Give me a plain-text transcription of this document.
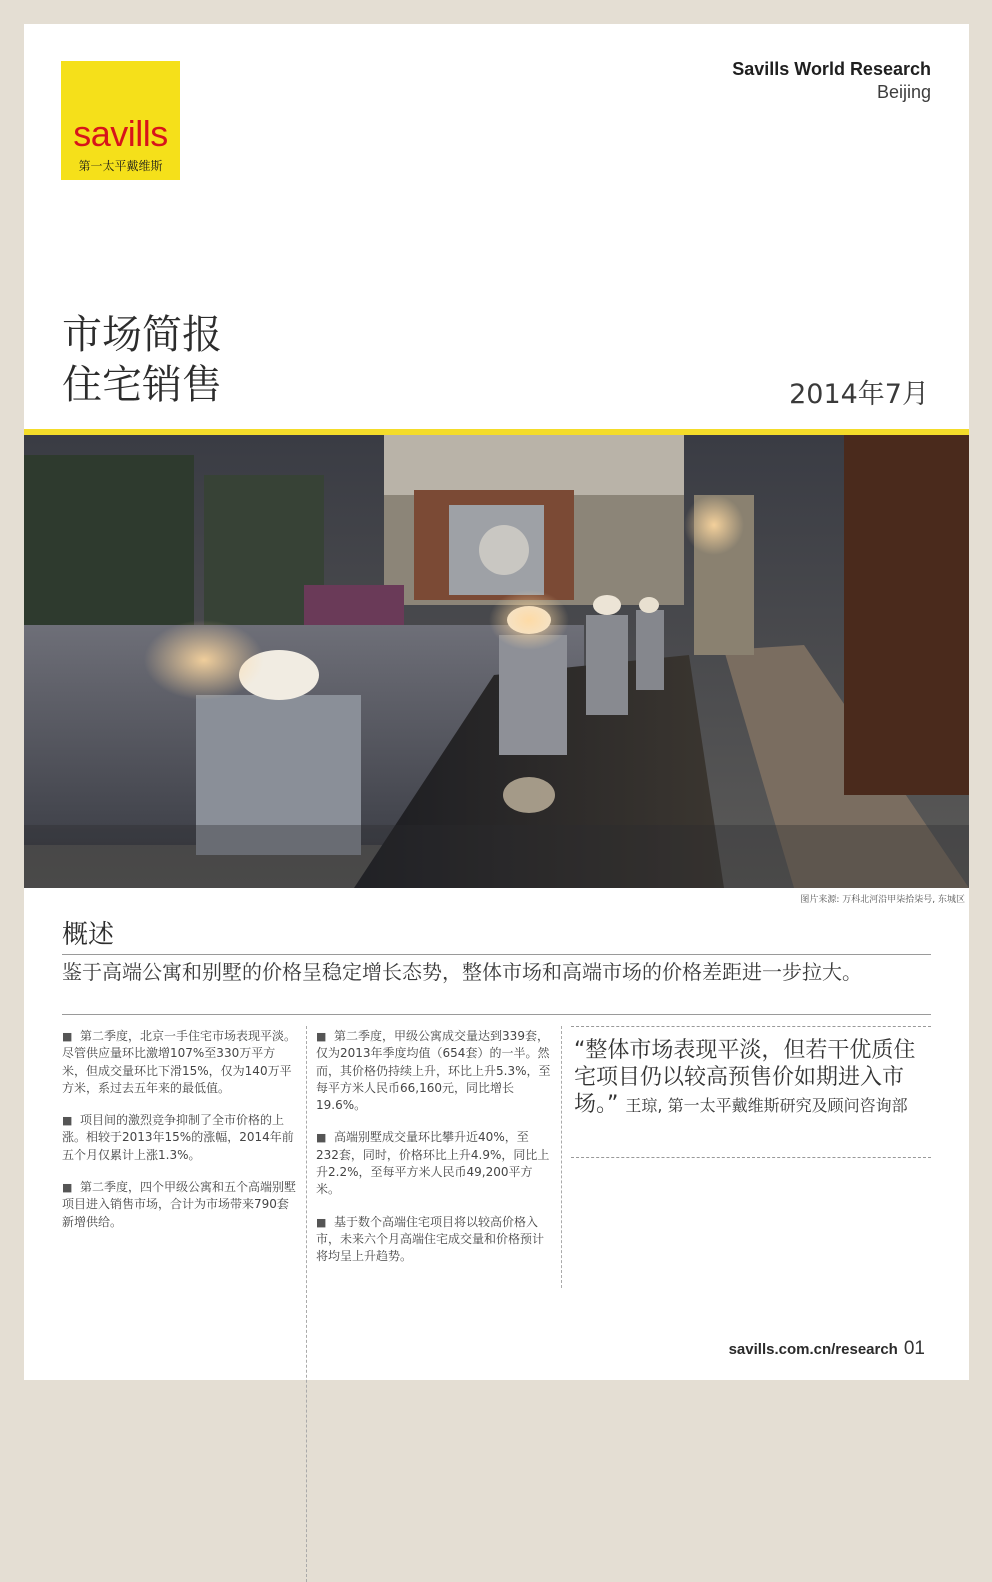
savills
第一太平戴维斯
Savills World Research
Beijing
市场简报
住宅销售	2014年7月
图片来源: 万科北河沿甲柒拾柒号, 东城区
概述
鉴于高端公寓和别墅的价格呈稳定增长态势，整体市场和高端市场的价格差距进一步拉大。

■ 第二季度，北京一手住宅市场表现平淡。尽管供应量环比激增107%至330万平方米，但成交量环比下滑15%，仅为140万平方米，系过去五年来的最低值。

■ 项目间的激烈竞争抑制了全市价格的上涨。相较于2013年15%的涨幅，2014年前五个月仅累计上涨1.3%。

■ 第二季度，四个甲级公寓和五个高端别墅项目进入销售市场，合计为市场带来790套新增供给。

■ 第二季度，甲级公寓成交量达到339套，仅为2013年季度均值（654套）的一半。然而，其价格仍持续上升，环比上升5.3%，至每平方米人民币66,160元，同比增长19.6%。

■ 高端别墅成交量环比攀升近40%，至232套，同时，价格环比上升4.9%，同比上升2.2%，至每平方米人民币49,200平方米。

■ 基于数个高端住宅项目将以较高价格入市，未来六个月高端住宅成交量和价格预计将均呈上升趋势。

“整体市场表现平淡，但若干优质住宅项目仍以较高预售价如期进入市场。” 王琼, 第一太平戴维斯研究及顾问咨询部
savills.com.cn/research 01
